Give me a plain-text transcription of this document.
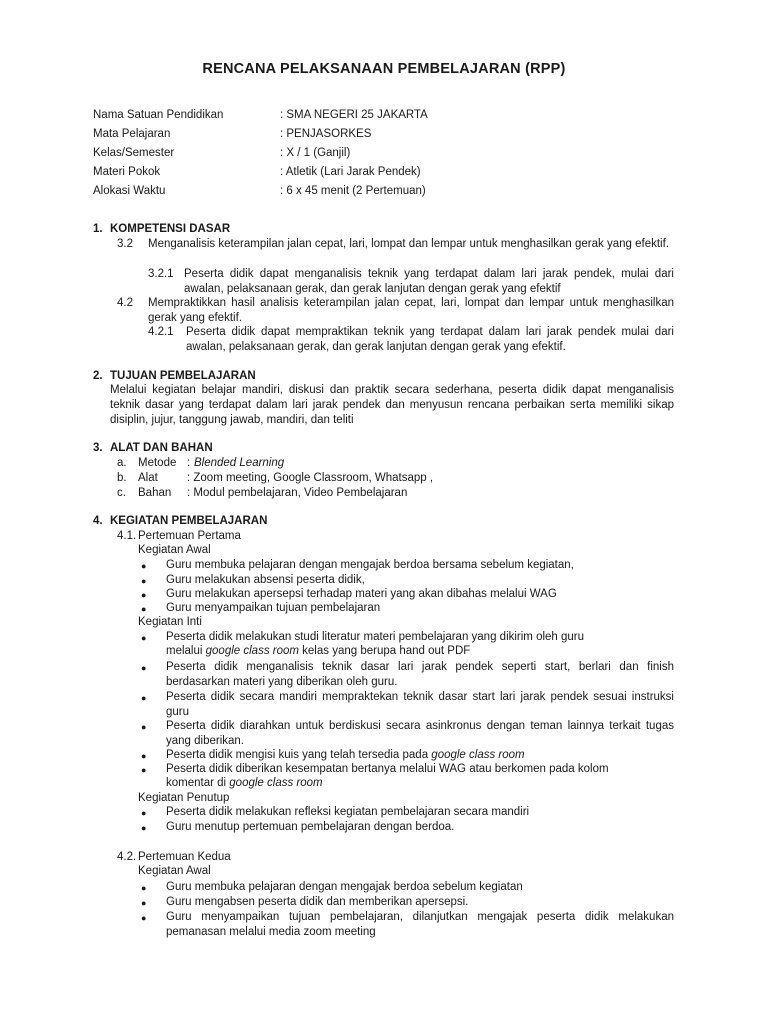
RENCANA PELAKSANAAN PEMBELAJARAN (RPP)
Nama Satuan Pendidikan	: SMA NEGERI 25 JAKARTA
Mata Pelajaran	: PENJASORKES
Kelas/Semester	: X / 1 (Ganjil)
Materi Pokok	: Atletik (Lari Jarak Pendek)
Alokasi Waktu	: 6 x 45 menit (2 Pertemuan)
1. KOMPETENSI DASAR
3.2 Menganalisis keterampilan jalan cepat, lari, lompat dan lempar untuk menghasilkan gerak yang efektif.
3.2.1 Peserta didik dapat menganalisis teknik yang terdapat dalam lari jarak pendek, mulai dari awalan, pelaksanaan gerak, dan gerak lanjutan dengan gerak yang efektif
4.2 Mempraktikkan hasil analisis keterampilan jalan cepat, lari, lompat dan lempar untuk menghasilkan gerak yang efektif.
4.2.1 Peserta didik dapat mempraktikan teknik yang terdapat dalam lari jarak pendek mulai dari awalan, pelaksanaan gerak, dan gerak lanjutan dengan gerak yang efektif.
2. TUJUAN PEMBELAJARAN
Melalui kegiatan belajar mandiri, diskusi dan praktik secara sederhana, peserta didik dapat menganalisis teknik dasar yang terdapat dalam lari jarak pendek dan menyusun rencana perbaikan serta memiliki sikap disiplin, jujur, tanggung jawab, mandiri, dan teliti
3. ALAT DAN BAHAN
a. Metode : Blended Learning
b. Alat	: Zoom meeting, Google Classroom, Whatsapp ,
c. Bahan : Modul pembelajaran, Video Pembelajaran
4. KEGIATAN PEMBELAJARAN
4.1. Pertemuan Pertama
Kegiatan Awal
● Guru membuka pelajaran dengan mengajak berdoa bersama sebelum kegiatan,
● Guru melakukan absensi peserta didik,
● Guru melakukan apersepsi terhadap materi yang akan dibahas melalui WAG
● Guru menyampaikan tujuan pembelajaran
Kegiatan Inti
● Peserta didik melakukan studi literatur materi pembelajaran yang dikirim oleh guru
melalui google class room kelas yang berupa hand out PDF
● Peserta didik menganalisis teknik dasar lari jarak pendek seperti start, berlari dan finish berdasarkan materi yang diberikan oleh guru.
● Peserta didik secara mandiri mempraktekan teknik dasar start lari jarak pendek sesuai instruksi guru
● Peserta didik diarahkan untuk berdiskusi secara asinkronus dengan teman lainnya terkait tugas yang diberikan.
● Peserta didik mengisi kuis yang telah tersedia pada google class room
● Peserta didik diberikan kesempatan bertanya melalui WAG atau berkomen pada kolom
komentar di google class room
Kegiatan Penutup
● Peserta didik melakukan refleksi kegiatan pembelajaran secara mandiri
● Guru menutup pertemuan pembelajaran dengan berdoa.
4.2. Pertemuan Kedua
Kegiatan Awal
● Guru membuka pelajaran dengan mengajak berdoa sebelum kegiatan
● Guru mengabsen peserta didik dan memberikan apersepsi.
● Guru menyampaikan tujuan pembelajaran, dilanjutkan mengajak peserta didik melakukan pemanasan melalui media zoom meeting
